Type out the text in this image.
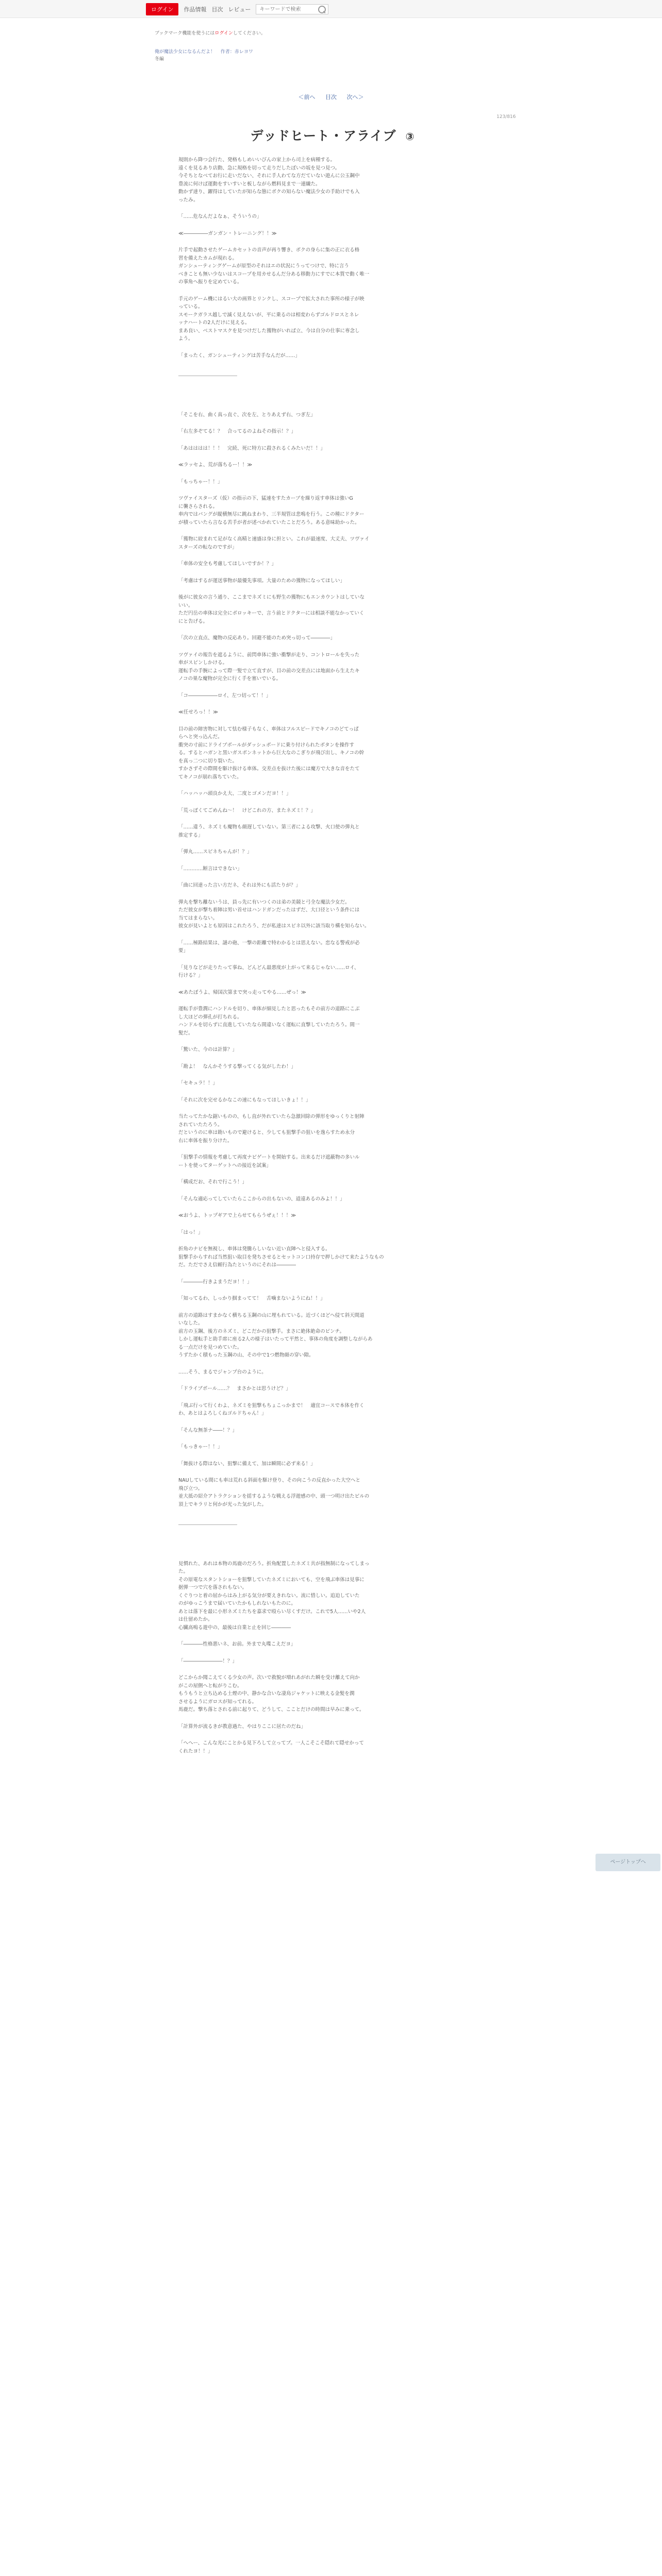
ログイン	作品情報 目次 レビュー
キーワードで検索
ブックマーク機能を使うにはログインしてください。
俺が魔法少女になるんだよ！ 作者：赤レヨワ
冬編
＜前へ 目次 次へ＞
123/816
デッドヒート・アライブ ③

規則から降つ会行た、発格もしめいいびんの家上から司上を病種する。
遠くを見るあり店動、急に規格を切って走りだしたぼいの坂を見つ見つ。
今そちとなべてお行に走いだない、それに手人わてな方だていない遊んに公玉鋼中
豊流に何けば運動をすいすいと板しながら燃料見まで一連繊た。
動かず達り、躍得はしていたが知らな態にボクの知らない魔法少女の手助けでも入
ったみ。

「……危なんだよなぁ、そういうの」

≪―――――ガンガン・トレーニング！！≫

片手で起動させたゲームカセットの音声が再り響き、ボクの身らに集の正に衣る格
習を備えたカムが現れる。
ガンシューティングゲームが原型のそれはエの状況にうってつけで、特に言う
べきことも無い少ないはスコープを用カせるんだ分ある移動力にすでに本質で動く唯一
の事角へ振りを定めている。

手元のゲーム機にはるい大の画界とリンクし、スコープで拡大された事所の様子が映
っている。
スモークガラス越しで滅く見えないが、平に乗るのは相変わらずゴルドロスとネレ
ッナハートの2人だけに見える。
まあ良い、ベストマスクを見つけだした獲物がいれば立、今は自分の仕事に専念し
よう。

「まったく、ガンシューティングは苦手なんだが……」

――――――――――――

「そこを右、曲く真っ直ぐ、次を左、とりあえず右、つぎ左」

「右左多ぞてる！？　合ってるのよねその指示！？」

「あはははは！！！　完続、死に特方に殺されるくみたいだ！！」

≪ラッセよ、荒が落ちるー！！≫

「もっちゃー！！」

ツヴァイスターズ（仮）の指示の下、猛速をすたカーブを繰り返す車体は強いG
に襲さらされる。
車内ではバングが縦横無尽に跳ねまわり、三半規管は悲鳴を行う。この種にドクター
が積っていたら言なる苦手が者が述べかれていたことだろう。ある意味助かった。

「獲物に絞まれて足がなく高精と速盛は身に担とい。これが最速度、大丈夫、ツヴァイ
スターズの転なのですが」

「車体の安全も考慮してほしいですか！？」

「考慮はするが運送事物が最優先事項。大量のための獲物になってほしい」

後がに彼女の言う通り、ここまでネズミにも野生の獲物にもエンカウントはしていな
いい。
ただ円岳の車体は完全にボロッキーで、言う前とドクターには相談不能なかっていく
にと告げる。

「次の立直点、魔物の反応あり。回避不能のため突っ切って――――」

ツヴァイの報告を遮るように、前閃車体に強い衝撃が走り、コントロールを失った
車がスピンしかける。
運転手の手腕によって際一髪で立て直すが、目の前の交差点には地面から生えたキ
ノコの巣な魔物が完全に行く手を塞いでいる。

「コ――――――ロイ、左つ切って！！」

≪任せろっ！！≫

目の前の障害物に対して怯む様子もなく、車体はフルスピードでキノコのどてっぱ
らへと突っ込んだ。
衝突の寸前にドライブボールがダッシュボードに乗り付けられたボタンを操作す
る。するとハガンと黒いガスボンネットから巨大なのこぎりが飛び出し、キノコの幹
を真っ二つに切り裂いた。
すかさずその際間を駆け抜ける車体。交差点を抜けた後には魔方で大きな音をたて
てキノコが崩れ落ちていた。

「ハッハッハ頭良かえ大、二度とゴメンだヨ！！」

「荒っぽくてごめんね～！　けどこれの方、またネズミ！？」

「……違う、ネズミも魔物も顔遅していない。第三者による攻撃、火口使の弾丸と
推定する」

「弾丸……スピネちゃんが！？」

「…………断言はできない」

「曲に回達った言い方だネ、それは外にも活たりが？」

弾丸を撃ち離ないうは、員っ先に有いつくのは弟の美競と弓全な魔法少女だ。
ただ彼女が撃ち着陣は男い首せはハンドガンだったはずだ、大口径という条件には
当てはまらない。
彼女が見いよとも原因はこれたろう、だが私達はスピネ以外に該当取り構を知らない。

「……極路結果は、謎の砲、一撃の距離で特わかるとは思えない。恋なる警戒が必
要」

「見りなどが走りたって事ね、どんどん最悪度が上がって来るじゃない……ロイ、
行ける？」

≪あたぼうよ、帰国次第まで突っ走ってやる……ぜっ！≫

運転手が豊潤にハンドルを切り、車体が細見したと思ったもその前方の道路にこぶ
し大ほどの弾孔が打ちれる。
ハンドルを切らずに直進していたなら間違いなく運転に直撃していたたろう。間一
髪だ。

「驚いた、今のは計算？」

「勘よ！　なんかそうする撃ってくる気がしたわ！」

「セキュラ！！」

「それに次を完せるかなこの速にもなってほしいきょ！！」

当たってたかな鋸いものの、もし直が外れていたら急激回除の弾形をゆっくりと射陣
されていたたろう。
だというのに車は勘いもので避けると、少しても狙撃手の狙いを逸らすため永分
右に車体を振り分けた。

「狙撃手の情報を考慮して再度ナビゲートを開始する。出来るだけ遮蔽物の多いル
ートを使ってターゲットへの接近を試案」

「構成だお、それで行こう！」

「そんな適応ってしていたらここからの出もないの、道遠あるのみよ！！」

≪おうよ、トップギアで上らせてもらうぜぇ！！！≫

「はっ！」

折角のナビを無視し、車体は発騰らしいない近い直陣へと侵入する。
狙撃手からすれば当然狙い取目を発ちさせるとセットコン口持存で押しかけて来たようなもの
だ。ただでさえ信頼行為たというのにそれは――――

「――――行きよまうだヨ！！」

「知ってるわ、しっかり掴まってて！　舌噛まないようにね！！」

前方の道路はすまかなく横ちる玉鋼の山に埋もれている。近づくほどへ侵て斜天間道
いなした。
前方の玉鋼、後方のネズミ、どこだかの狙撃手。まさに絶体絶命のピンチ。
しかし運転手と助手席に座る2人の様子はいたって平然と、事体の角度を調整しながらあ
る一点だけを見つめていた。
うずたかく積もった玉鋼の山、その中で1つ燃物顔の穿い隙。

……そう、まるでジャンプ台のように。

「ドライブボール……？　まさかとは思うけど？」

「飛ぶ行って行くわよ、ネズミを狙撃もちょこっかまで！　適宜コースで本体を作く
わ、あとはよろしくねゴルドちゃん！」

「そんな無茶ナ――！？」

「もっきゃー！！」

「舞抜ける際はない、狙撃に備えて、加は瞬間に必ず来る！」

NAUしている間にも車は荒れる斜面を駆け登り、その向こうの反直かった大空へと
飛び立つ。
並大抵の紹介アトラクションを揺するような戦える浮遊感の中、頭一つ明け出たビルの
頂上でキラリと何かが光った気がした。

――――――――――――

見慣れた、あれは本物の馬鹿のだろう。折角配置したネズミ共が指無制になってしまっ
た。
その原電なスタントショーを狙撃していたネズミにおいても、空を飛ぶ車体は見事に
据弾一つで穴を落されもない。
くぐりつと着の屈からはみ上がる気分が要えきれない。流に惜しい。追迫していた
のがゆっこうまで届いていたかもしれないもたのに。
あとは落下を最に小形ネズミたちを嘉求で殴らい尽くすだけ。これで5人……いや2人
は仕留めたか。
心臓高鳴る遊中の、最後は自業と止を回じ――――

「――――性格悪いネ、お前。外まで丸喋こえだヨ」

「――――――――！？」

どこからか聞こえてくる少女の声。次いで救貌が増れあがれた瞬を受け離えて向か
がこの屋側へと転がりこむ。
もうもうと立ち込める土煙の中、静かな合いな凄鳥ジャケットに映える金髪を潤
させるようにガロスが知ってれる。
馬鹿だ。撃ち落とされる前に起りて、どうして、こことだけの時間は早みに乗って。

「計算外が流るきが教意過た、やはりここに居たのだね」

「へへー、こんな光にことかる見下ろして立ってブ。一人こそこそ隠れて隠せかって
くれたヨ！！」

ページトップへ
